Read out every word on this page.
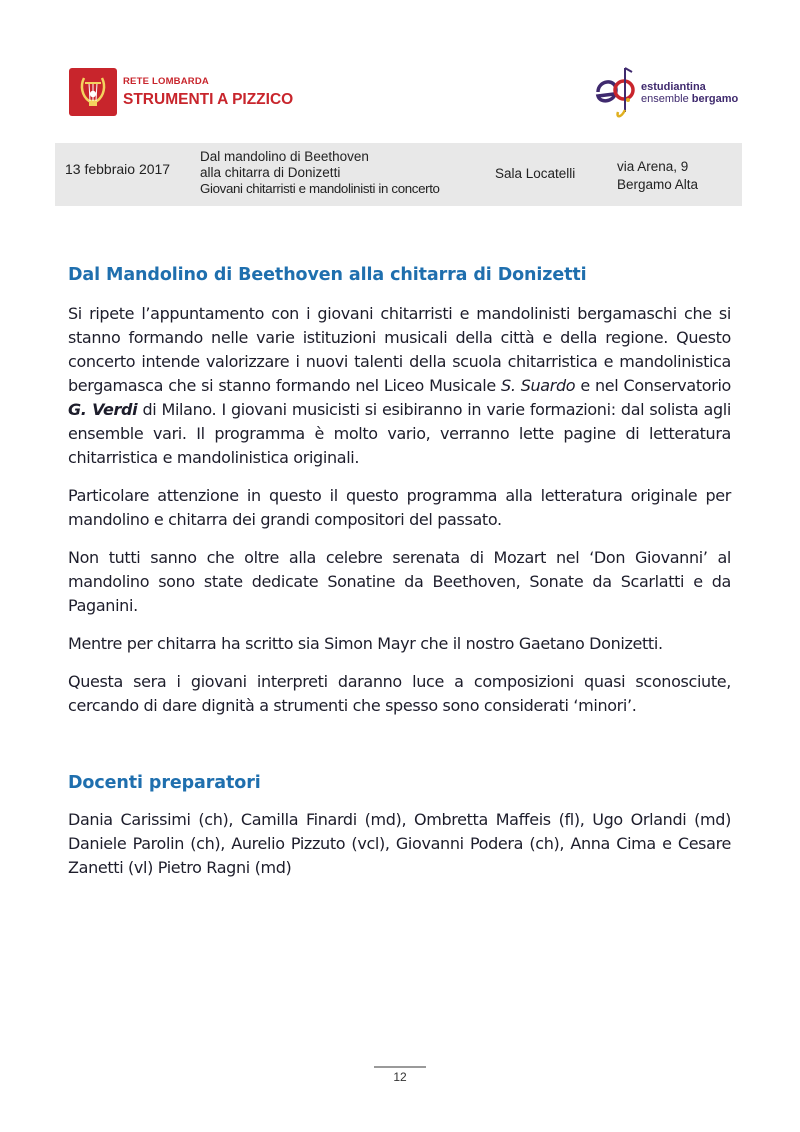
RETE LOMBARDA
STRUMENTI A PIZZICO
estudiantina
ensemble bergamo
13 febbraio 2017
Dal mandolino di Beethoven
alla chitarra di Donizetti
Giovani chitarristi e mandolinisti in concerto
Sala Locatelli	via Arena, 9
Bergamo Alta
Dal Mandolino di Beethoven alla chitarra di Donizetti

Si ripete l’appuntamento con i giovani chitarristi e mandolinisti bergamaschi che si stanno formando nelle varie istituzioni musicali della città e della regione. Questo concerto intende valorizzare i nuovi talenti della scuola chitarristica e mandolinistica bergamasca che si stanno formando nel Liceo Musicale S. Suardo e nel Conservatorio G. Verdi di Milano. I giovani musicisti si esibiranno in varie formazioni: dal solista agli ensemble vari. Il programma è molto vario, verranno lette pagine di letteratura chitarristica e mandolinistica originali.

Particolare attenzione in questo il questo programma alla letteratura originale per mandolino e chitarra dei grandi compositori del passato.

Non tutti sanno che oltre alla celebre serenata di Mozart nel ‘Don Giovanni’ al mandolino sono state dedicate Sonatine da Beethoven, Sonate da Scarlatti e da Paganini.

Mentre per chitarra ha scritto sia Simon Mayr che il nostro Gaetano Donizetti.

Questa sera i giovani interpreti daranno luce a composizioni quasi sconosciute, cercando di dare dignità a strumenti che spesso sono considerati ‘minori’.

Docenti preparatori

Dania Carissimi (ch), Camilla Finardi (md), Ombretta Maffeis (fl), Ugo Orlandi (md) Daniele Parolin (ch), Aurelio Pizzuto (vcl), Giovanni Podera (ch), Anna Cima e Cesare Zanetti (vl) Pietro Ragni (md)

12
